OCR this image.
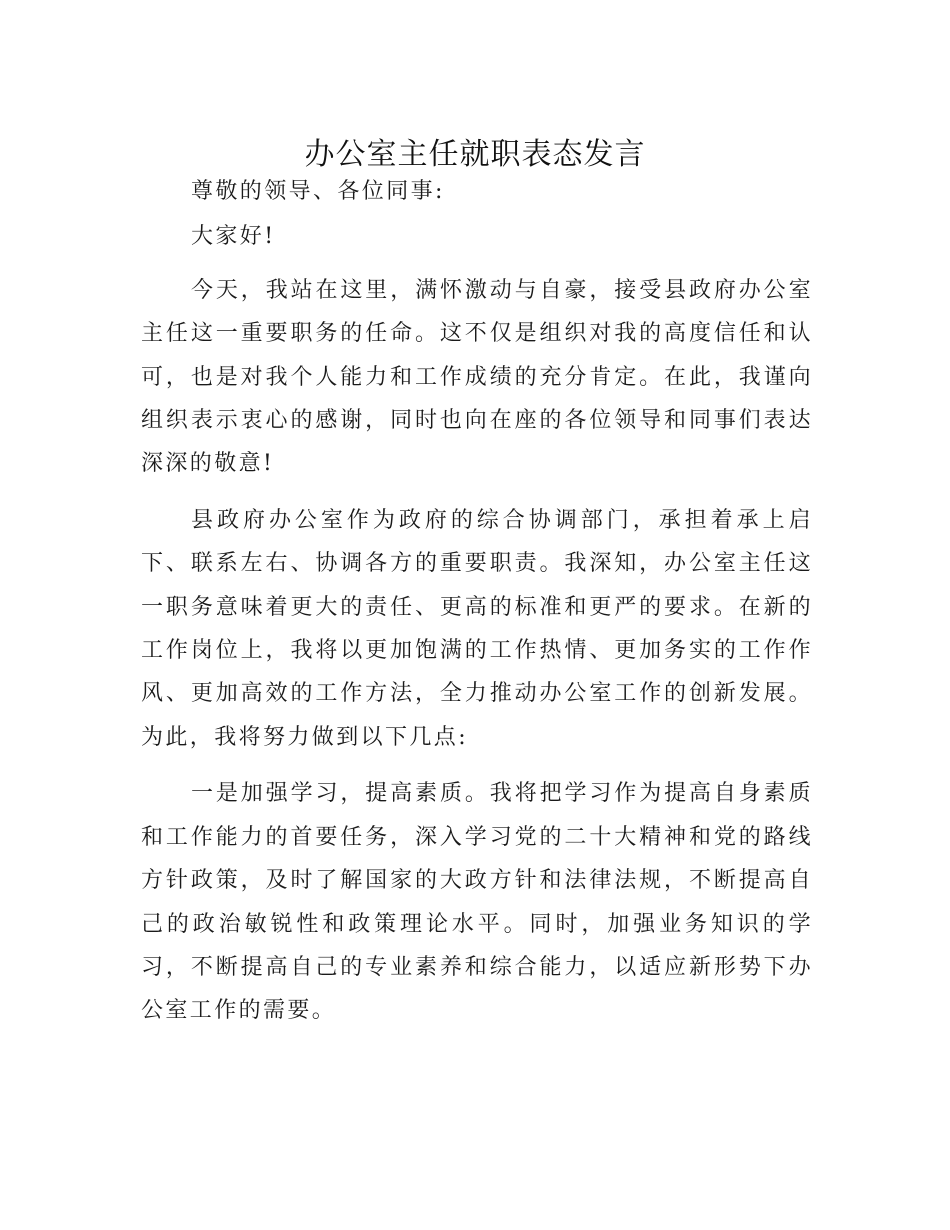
办公室主任就职表态发言

尊敬的领导、各位同事:

大家好!

今天，我站在这里，满怀激动与自豪，接受县政府办公室主任这一重要职务的任命。这不仅是组织对我的高度信任和认可，也是对我个人能力和工作成绩的充分肯定。在此，我谨向组织表示衷心的感谢，同时也向在座的各位领导和同事们表达深深的敬意!

县政府办公室作为政府的综合协调部门，承担着承上启下、联系左右、协调各方的重要职责。我深知，办公室主任这一职务意味着更大的责任、更高的标准和更严的要求。在新的工作岗位上，我将以更加饱满的工作热情、更加务实的工作作风、更加高效的工作方法，全力推动办公室工作的创新发展。为此，我将努力做到以下几点:

一是加强学习，提高素质。我将把学习作为提高自身素质和工作能力的首要任务，深入学习党的二十大精神和党的路线方针政策，及时了解国家的大政方针和法律法规，不断提高自己的政治敏锐性和政策理论水平。同时，加强业务知识的学习，不断提高自己的专业素养和综合能力，以适应新形势下办公室工作的需要。
